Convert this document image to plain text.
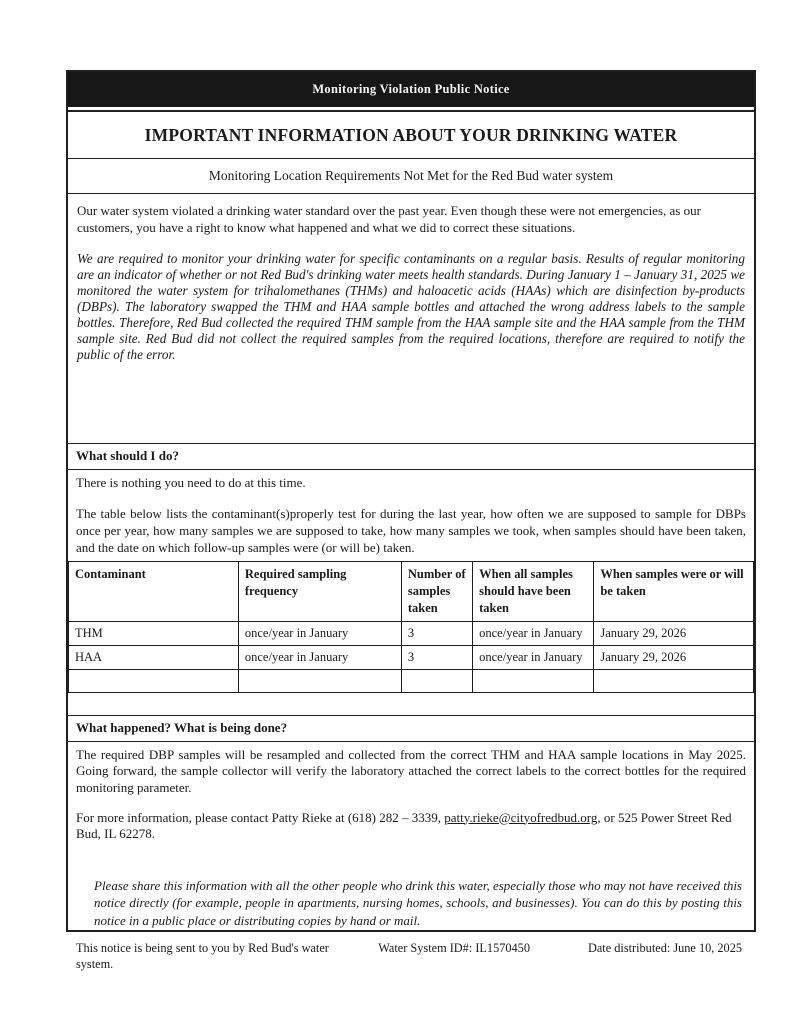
Monitoring Violation Public Notice
IMPORTANT INFORMATION ABOUT YOUR DRINKING WATER
Monitoring Location Requirements Not Met for the Red Bud water system

Our water system violated a drinking water standard over the past year. Even though these were not emergencies, as our customers, you have a right to know what happened and what we did to correct these situations.

We are required to monitor your drinking water for specific contaminants on a regular basis. Results of regular monitoring are an indicator of whether or not Red Bud's drinking water meets health standards. During January 1 – January 31, 2025 we monitored the water system for trihalomethanes (THMs) and haloacetic acids (HAAs) which are disinfection by-products (DBPs). The laboratory swapped the THM and HAA sample bottles and attached the wrong address labels to the sample bottles. Therefore, Red Bud collected the required THM sample from the HAA sample site and the HAA sample from the THM sample site. Red Bud did not collect the required samples from the required locations, therefore are required to notify the public of the error.

What should I do?

There is nothing you need to do at this time.

The table below lists the contaminant(s)properly test for during the last year, how often we are supposed to sample for DBPs once per year, how many samples we are supposed to take, how many samples we took, when samples should have been taken, and the date on which follow-up samples were (or will be) taken.

Contaminant	Required sampling frequency	Number of samples taken	When all samples should have been taken	When samples were or will be taken
THM	once/year in January	3	once/year in January	January 29, 2026
HAA	once/year in January	3	once/year in January	January 29, 2026

What happened? What is being done?

The required DBP samples will be resampled and collected from the correct THM and HAA sample locations in May 2025. Going forward, the sample collector will verify the laboratory attached the correct labels to the correct bottles for the required monitoring parameter.

For more information, please contact Patty Rieke at (618) 282 – 3339, patty.rieke@cityofredbud.org, or 525 Power Street Red Bud, IL 62278.

Please share this information with all the other people who drink this water, especially those who may not have received this notice directly (for example, people in apartments, nursing homes, schools, and businesses). You can do this by posting this notice in a public place or distributing copies by hand or mail.

This notice is being sent to you by Red Bud's water system.
Water System ID#: IL1570450	Date distributed: June 10, 2025
